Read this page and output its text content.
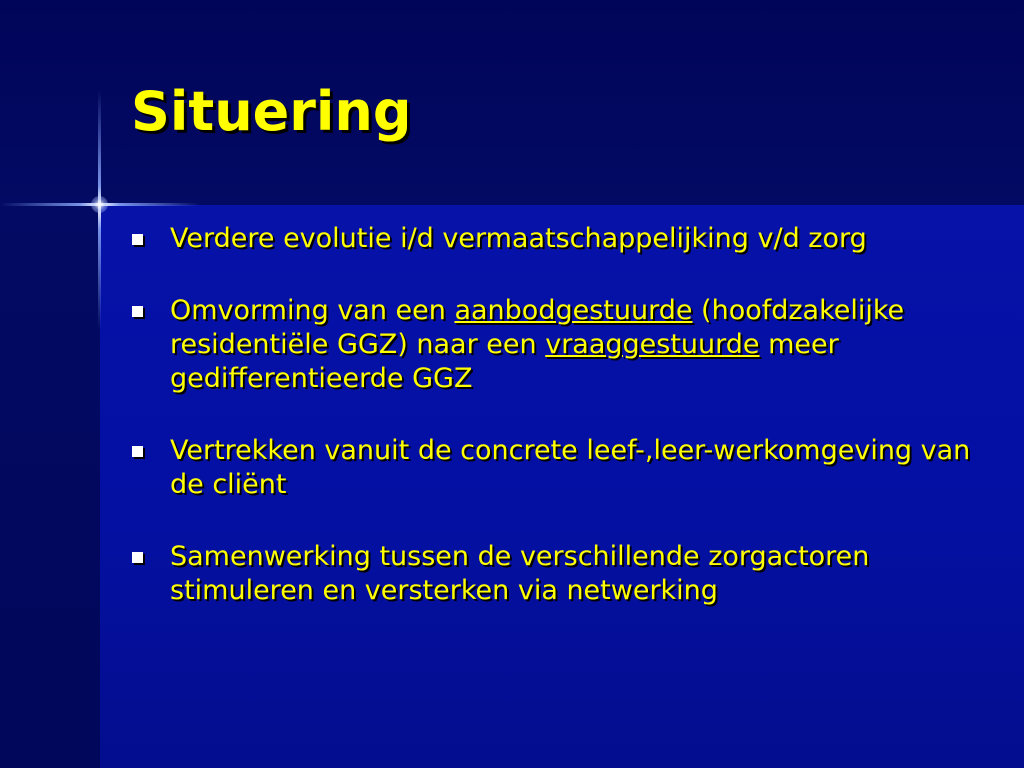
Situering
Verdere evolutie i/d vermaatschappelijking v/d zorg
Omvorming van een aanbodgestuurde (hoofdzakelijke residentiële GGZ) naar een vraaggestuurde meer gedifferentieerde GGZ
Vertrekken vanuit de concrete leef-,leer-werkomgeving van de cliënt
Samenwerking tussen de verschillende zorgactoren stimuleren en versterken via netwerking
